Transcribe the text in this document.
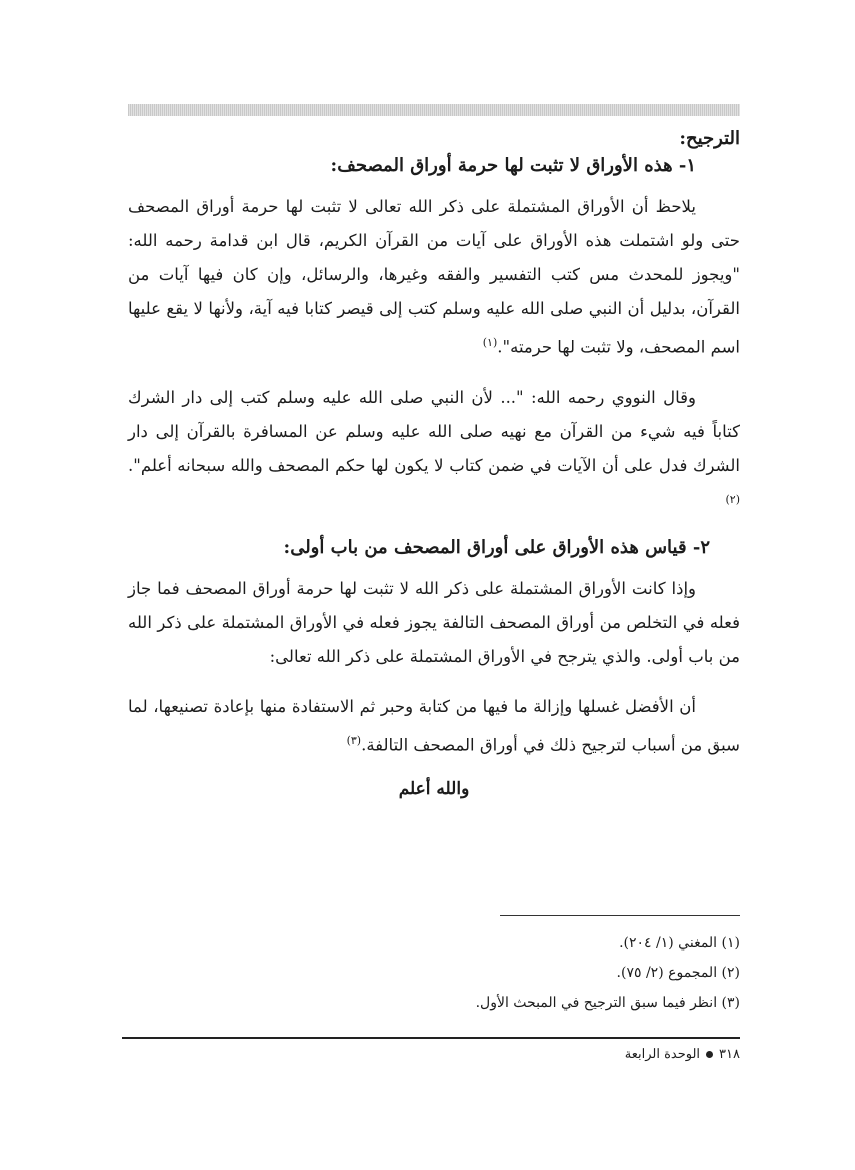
الترجيح:
١- هذه الأوراق لا تثبت لها حرمة أوراق المصحف:

يلاحظ أن الأوراق المشتملة على ذكر الله تعالى لا تثبت لها حرمة أوراق المصحف حتى ولو اشتملت هذه الأوراق على آيات من القرآن الكريم، قال ابن قدامة رحمه الله: "ويجوز للمحدث مس كتب التفسير والفقه وغيرها، والرسائل، وإن كان فيها آيات من القرآن، بدليل أن النبي صلى الله عليه وسلم كتب إلى قيصر كتابا فيه آية، ولأنها لا يقع عليها اسم المصحف، ولا تثبت لها حرمته".$^{(١)}$

وقال النووي رحمه الله: "... لأن النبي صلى الله عليه وسلم كتب إلى دار الشرك كتاباً فيه شيء من القرآن مع نهيه صلى الله عليه وسلم عن المسافرة بالقرآن إلى دار الشرك فدل على أن الآيات في ضمن كتاب لا يكون لها حكم المصحف والله سبحانه أعلم".$^{(٢)}$

٢- قياس هذه الأوراق على أوراق المصحف من باب أولى:

وإذا كانت الأوراق المشتملة على ذكر الله لا تثبت لها حرمة أوراق المصحف فما جاز فعله في التخلص من أوراق المصحف التالفة يجوز فعله في الأوراق المشتملة على ذكر الله من باب أولى. والذي يترجح في الأوراق المشتملة على ذكر الله تعالى:

أن الأفضل غسلها وإزالة ما فيها من كتابة وحبر ثم الاستفادة منها بإعادة تصنيعها، لما سبق من أسباب لترجيح ذلك في أوراق المصحف التالفة.$^{(٣)}$

والله أعلم
(١) المغني (١/ ٢٠٤).
(٢) المجموع (٢/ ٧٥).
(٣) انظر فيما سبق الترجيح في المبحث الأول.
٣١٨الوحدة الرابعة
